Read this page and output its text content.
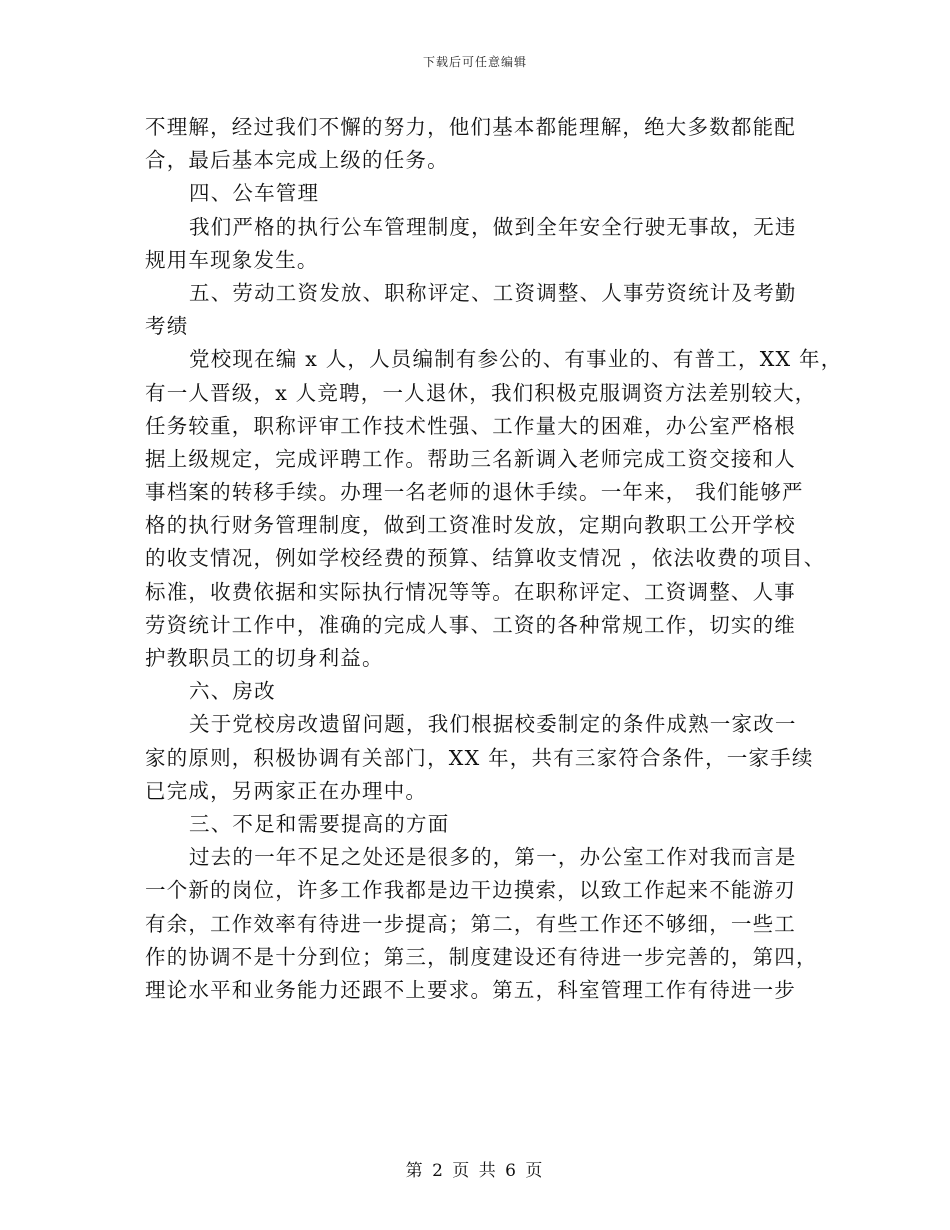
下载后可任意编辑
不理解，经过我们不懈的努力，他们基本都能理解，绝大多数都能配
合，最后基本完成上级的任务。
四、公车管理
我们严格的执行公车管理制度，做到全年安全行驶无事故，无违
规用车现象发生。
五、劳动工资发放、职称评定、工资调整、人事劳资统计及考勤
考绩
党校现在编 x 人，人员编制有参公的、有事业的、有普工，XX 年，
有一人晋级，x 人竞聘，一人退休，我们积极克服调资方法差别较大，
任务较重，职称评审工作技术性强、工作量大的困难，办公室严格根
据上级规定，完成评聘工作。帮助三名新调入老师完成工资交接和人
事档案的转移手续。办理一名老师的退休手续。一年来， 我们能够严
格的执行财务管理制度，做到工资准时发放，定期向教职工公开学校
的收支情况，例如学校经费的预算、结算收支情况 ，依法收费的项目、
标准，收费依据和实际执行情况等等。在职称评定、工资调整、人事
劳资统计工作中，准确的完成人事、工资的各种常规工作，切实的维
护教职员工的切身利益。
六、房改
关于党校房改遗留问题，我们根据校委制定的条件成熟一家改一
家的原则，积极协调有关部门，XX 年，共有三家符合条件，一家手续
已完成，另两家正在办理中。
三、不足和需要提高的方面
过去的一年不足之处还是很多的，第一，办公室工作对我而言是
一个新的岗位，许多工作我都是边干边摸索，以致工作起来不能游刃
有余，工作效率有待进一步提高；第二，有些工作还不够细，一些工
作的协调不是十分到位；第三，制度建设还有待进一步完善的，第四，
理论水平和业务能力还跟不上要求。第五，科室管理工作有待进一步
第 2 页 共 6 页
